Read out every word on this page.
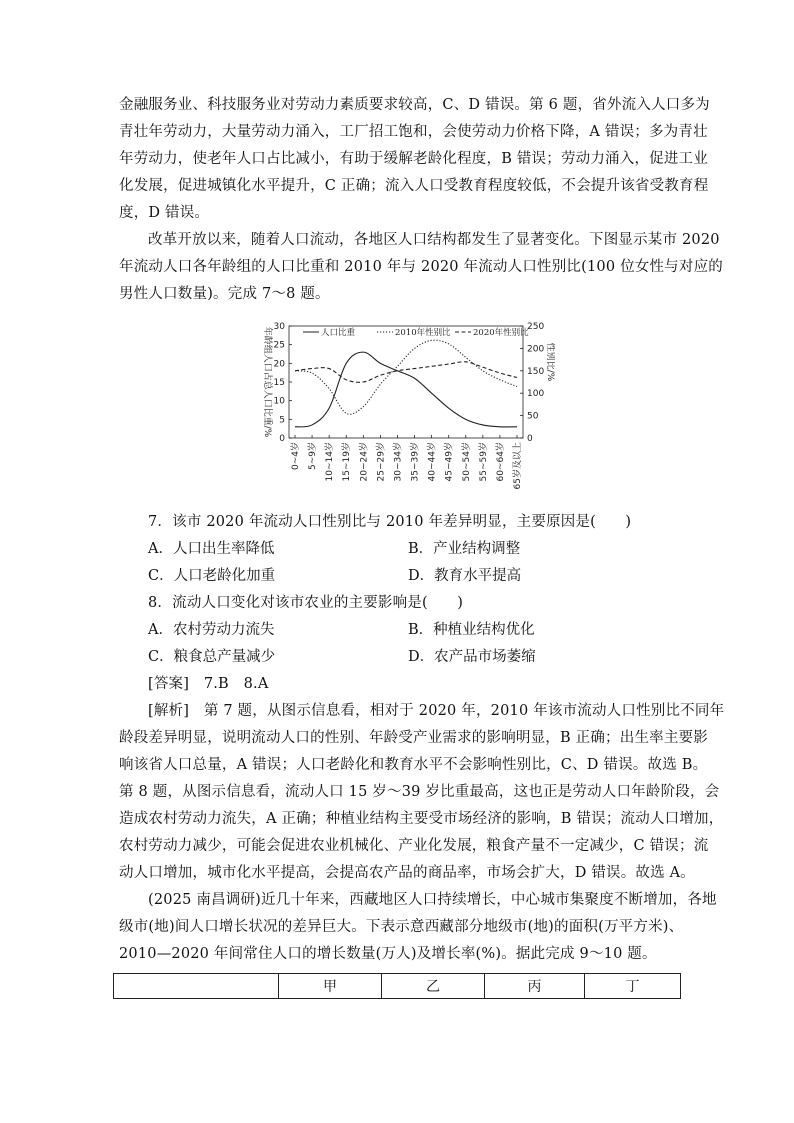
金融服务业、科技服务业对劳动力素质要求较高，C、D 错误。第 6 题，省外流入人口多为
青壮年劳动力，大量劳动力涌入，工厂招工饱和，会使劳动力价格下降，A 错误；多为青壮
年劳动力，使老年人口占比减小，有助于缓解老龄化程度，B 错误；劳动力涌入，促进工业
化发展，促进城镇化水平提升，C 正确；流入人口受教育程度较低，不会提升该省受教育程
度，D 错误。
改革开放以来，随着人口流动，各地区人口结构都发生了显著变化。下图显示某市 2020
年流动人口各年龄组的人口比重和 2010 年与 2020 年流动人口性别比(100 位女性与对应的
男性人口数量)。完成 7～8 题。
0
5
10
15
20
25
30
0
50
100
150
200
250
0~4岁 5~9岁 10~14岁 15~19岁 20~24岁 25~29岁 30~34岁 35~39岁 40~44岁 45~49岁 50~54岁 55~59岁 60~64岁 65岁及以上
年龄组人口占总人口比重/%	性别比/%
人口比重	2010年性别比	2020年性别比
7．该市 2020 年流动人口性别比与 2010 年差异明显，主要原因是(　　)
A．人口出生率降低	B．产业结构调整
C．人口老龄化加重	D．教育水平提高
8．流动人口变化对该市农业的主要影响是(　　)
A．农村劳动力流失	B．种植业结构优化
C．粮食总产量减少	D．农产品市场萎缩
[答案]　7.B　8.A
[解析]　第 7 题，从图示信息看，相对于 2020 年，2010 年该市流动人口性别比不同年
龄段差异明显，说明流动人口的性别、年龄受产业需求的影响明显，B 正确；出生率主要影
响该省人口总量，A 错误；人口老龄化和教育水平不会影响性别比，C、D 错误。故选 B。
第 8 题，从图示信息看，流动人口 15 岁～39 岁比重最高，这也正是劳动人口年龄阶段，会
造成农村劳动力流失，A 正确；种植业结构主要受市场经济的影响，B 错误；流动人口增加，
农村劳动力减少，可能会促进农业机械化、产业化发展，粮食产量不一定减少，C 错误；流
动人口增加，城市化水平提高，会提高农产品的商品率，市场会扩大，D 错误。故选 A。
(2025 南昌调研)近几十年来，西藏地区人口持续增长，中心城市集聚度不断增加，各地
级市(地)间人口增长状况的差异巨大。下表示意西藏部分地级市(地)的面积(万平方米)、
2010—2020 年间常住人口的增长数量(万人)及增长率(%)。据此完成 9～10 题。
	甲	乙	丙	丁
